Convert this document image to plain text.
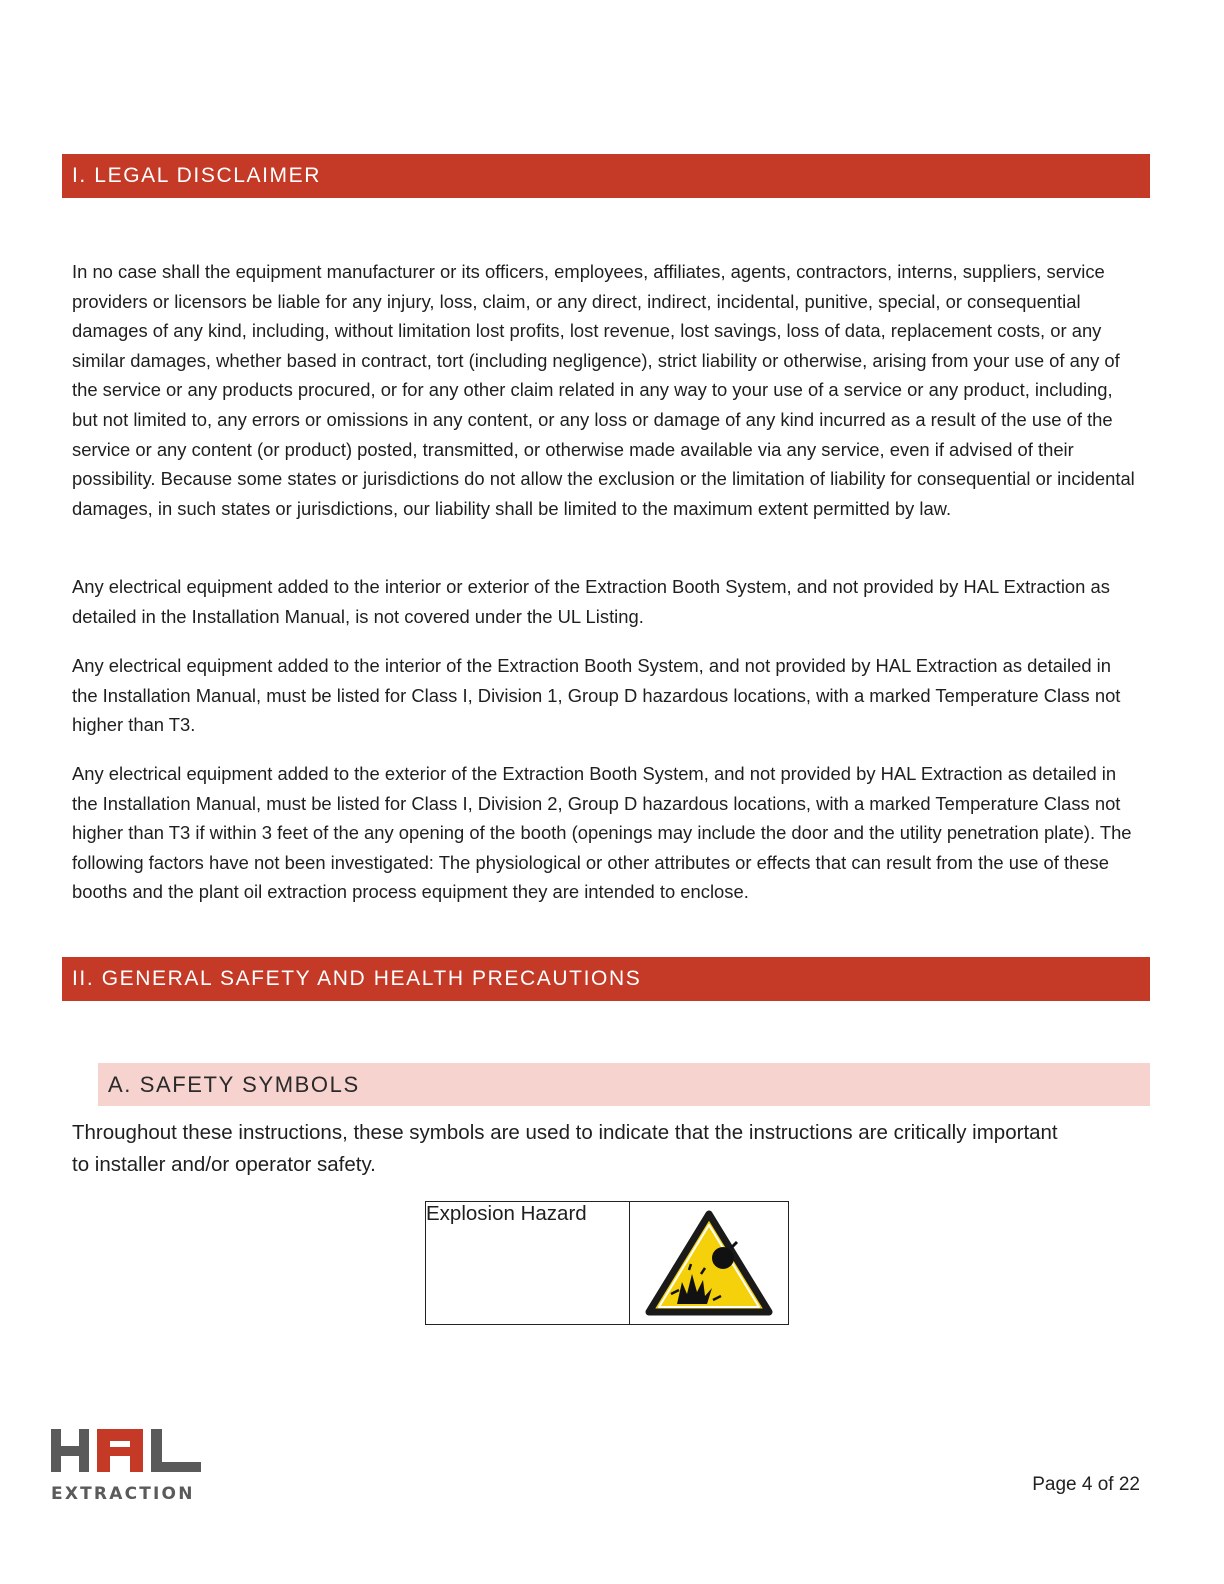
I. LEGAL DISCLAIMER

In no case shall the equipment manufacturer or its officers, employees, affiliates, agents, contractors, interns, suppliers, service providers or licensors be liable for any injury, loss, claim, or any direct, indirect, incidental, punitive, special, or consequential damages of any kind, including, without limitation lost profits, lost revenue, lost savings, loss of data, replacement costs, or any similar damages, whether based in contract, tort (including negligence), strict liability or otherwise, arising from your use of any of the service or any products procured, or for any other claim related in any way to your use of a service or any product, including, but not limited to, any errors or omissions in any content, or any loss or damage of any kind incurred as a result of the use of the service or any content (or product) posted, transmitted, or otherwise made available via any service, even if advised of their possibility. Because some states or jurisdictions do not allow the exclusion or the limitation of liability for consequential or incidental damages, in such states or jurisdictions, our liability shall be limited to the maximum extent permitted by law.

Any electrical equipment added to the interior or exterior of the Extraction Booth System, and not provided by HAL Extraction as detailed in the Installation Manual, is not covered under the UL Listing.

Any electrical equipment added to the interior of the Extraction Booth System, and not provided by HAL Extraction as detailed in the Installation Manual, must be listed for Class I, Division 1, Group D hazardous locations, with a marked Temperature Class not higher than T3.

Any electrical equipment added to the exterior of the Extraction Booth System, and not provided by HAL Extraction as detailed in the Installation Manual, must be listed for Class I, Division 2, Group D hazardous locations, with a marked Temperature Class not higher than T3 if within 3 feet of the any opening of the booth (openings may include the door and the utility penetration plate). The following factors have not been investigated: The physiological or other attributes or effects that can result from the use of these booths and the plant oil extraction process equipment they are intended to enclose.

II. GENERAL SAFETY AND HEALTH PRECAUTIONS
A. SAFETY SYMBOLS

Throughout these instructions, these symbols are used to indicate that the instructions are critically important to installer and/or operator safety.

Explosion Hazard	
EXTRACTION	Page 4 of 22
